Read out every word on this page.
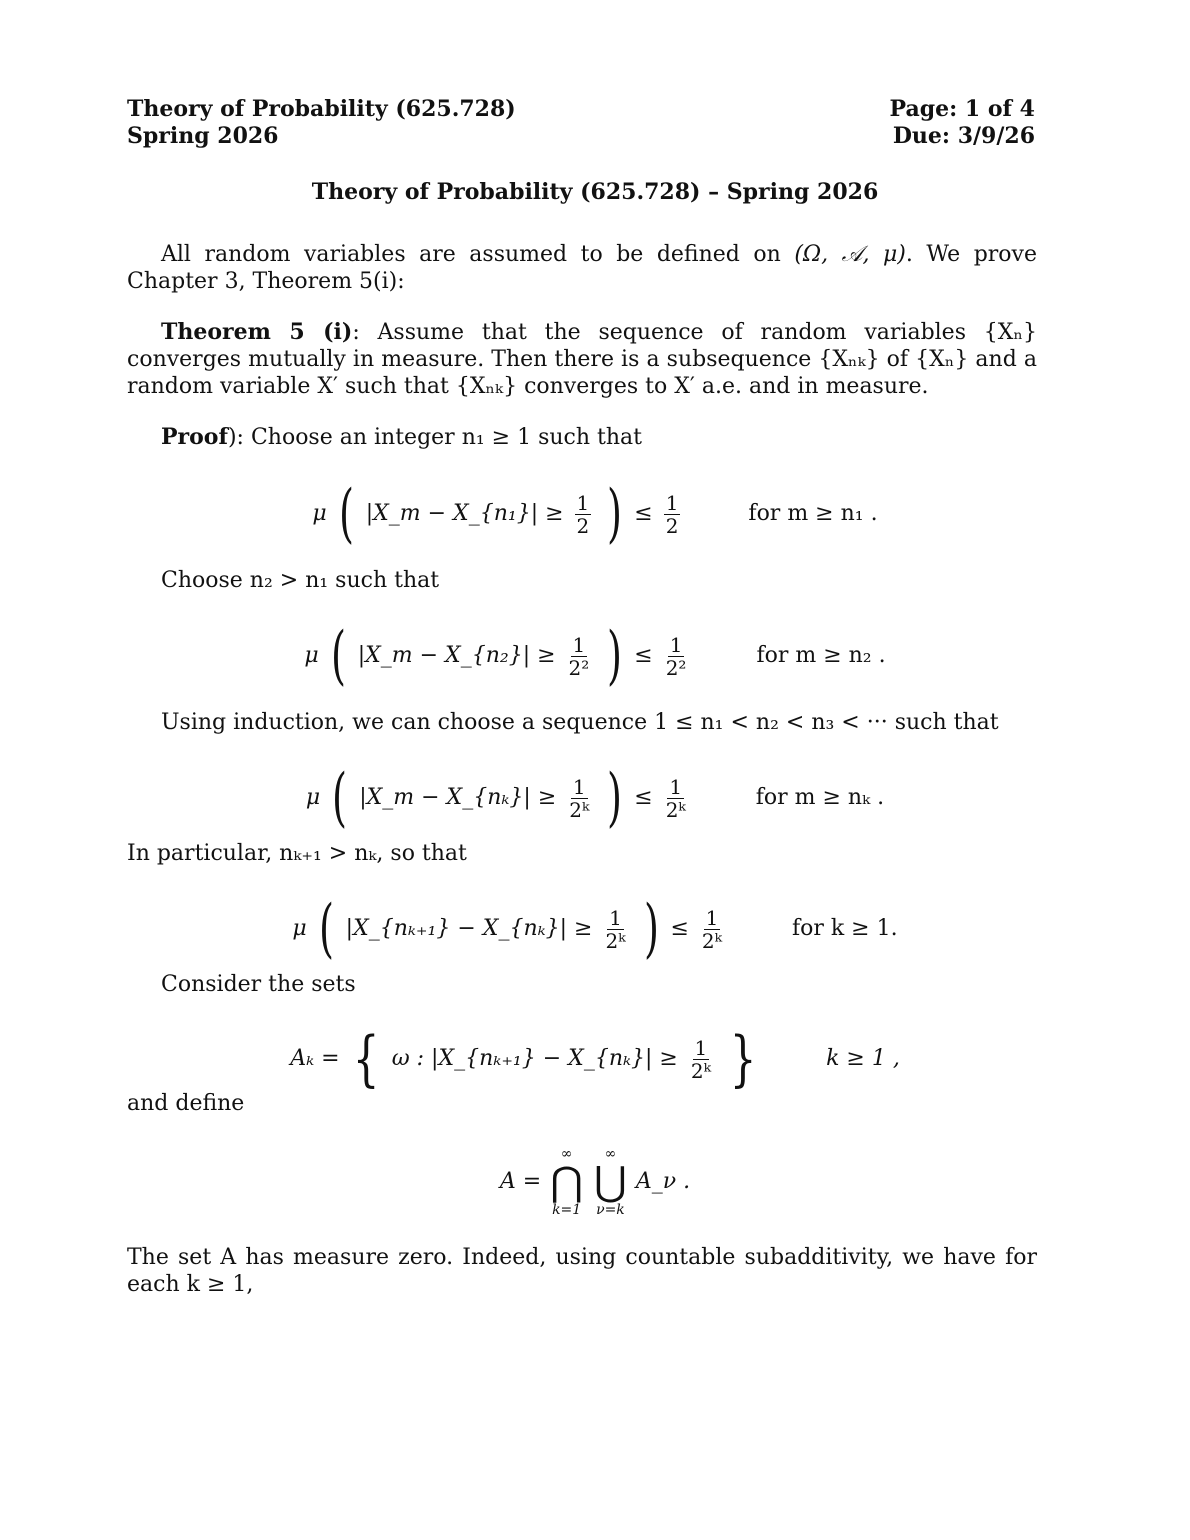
Theory of Probability (625.728)
Spring 2026
Page: 1 of 4
Due: 3/9/26
Theory of Probability (625.728) – Spring 2026
All random variables are assumed to be defined on (Ω, 𝒜, μ). We prove Chapter 3, Theorem 5(i):
Theorem 5 (i): Assume that the sequence of random variables {Xₙ} converges mutually in measure. Then there is a subsequence {Xₙₖ} of {Xₙ} and a random variable X′ such that {Xₙₖ} converges to X′ a.e. and in measure.
Proof): Choose an integer n₁ ≥ 1 such that
μ ( |X_m − X_{n₁}| ≥ $\frac{1}{2}$ ) ≤ $\frac{1}{2}$	for m ≥ n₁ .
Choose n₂ > n₁ such that
μ ( |X_m − X_{n₂}| ≥ $\frac{1}{\text{2²}}$ ) ≤ $\frac{1}{\text{2²}}$	for m ≥ n₂ .
Using induction, we can choose a sequence 1 ≤ n₁ < n₂ < n₃ < ··· such that
μ ( |X_m − X_{nₖ}| ≥ $\frac{1}{\text{2ᵏ}}$ ) ≤ $\frac{1}{\text{2ᵏ}}$	for m ≥ nₖ .
In particular, nₖ₊₁ > nₖ, so that
μ ( |X_{nₖ₊₁} − X_{nₖ}| ≥ $\frac{1}{\text{2ᵏ}}$ ) ≤ $\frac{1}{\text{2ᵏ}}$	for k ≥ 1.
Consider the sets
Aₖ = { ω : |X_{nₖ₊₁} − X_{nₖ}| ≥ $\frac{1}{\text{2ᵏ}}$ }	k ≥ 1 ,
and define
A =
∞
⋂
k=1

∞
⋃
ν=k
A_ν .
The set A has measure zero. Indeed, using countable subadditivity, we have for each k ≥ 1,
